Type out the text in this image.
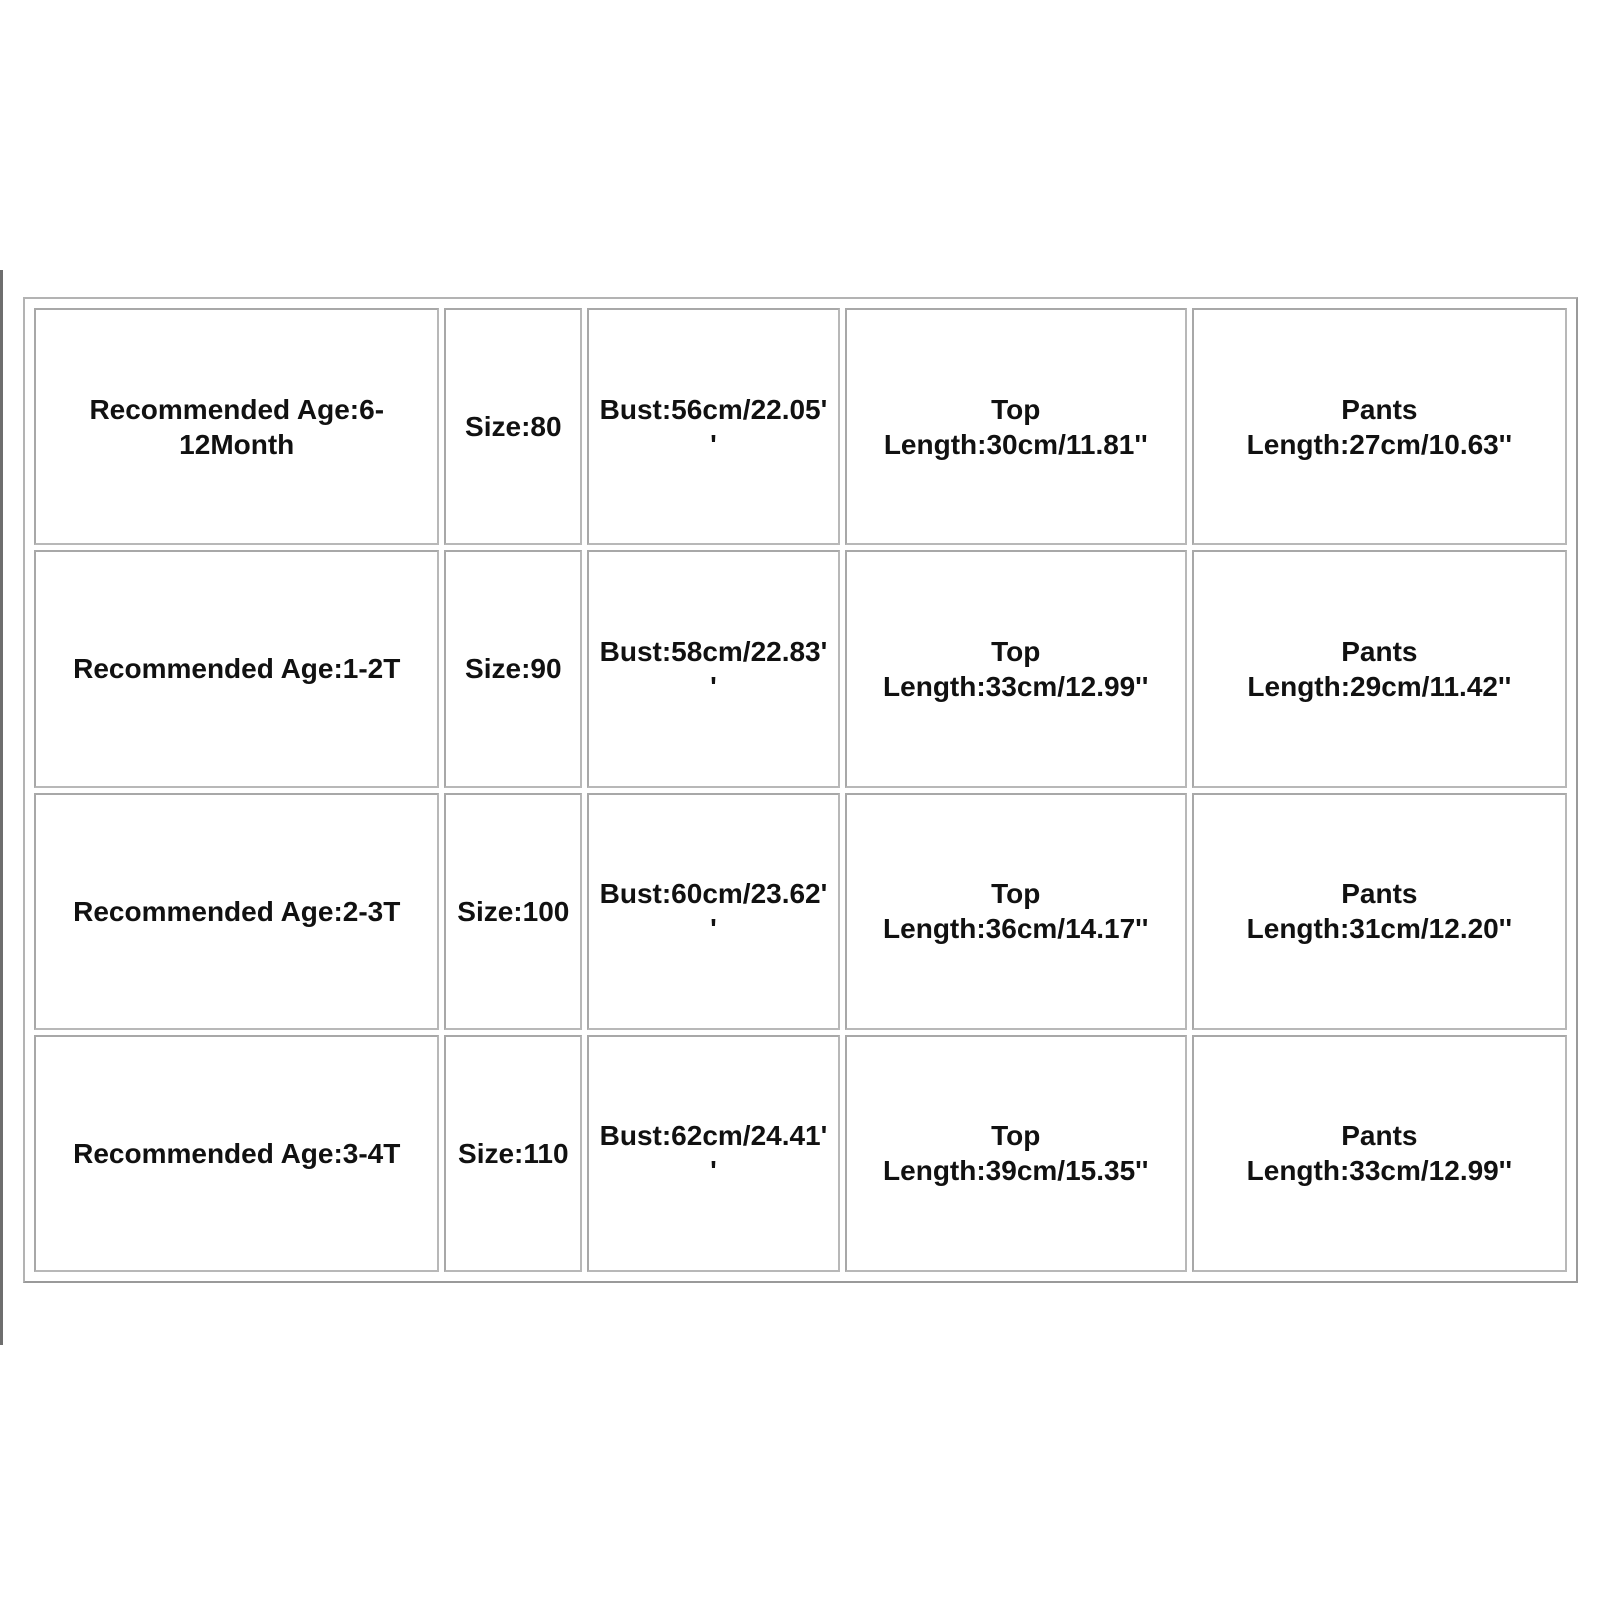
Recommended Age:6-
12Month	Size:80	Bust:56cm/22.05''	Top
Length:30cm/11.81''	Pants
Length:27cm/10.63''
Recommended Age:1-2T	Size:90	Bust:58cm/22.83''	Top
Length:33cm/12.99''	Pants
Length:29cm/11.42''
Recommended Age:2-3T	Size:100	Bust:60cm/23.62''	Top
Length:36cm/14.17''	Pants
Length:31cm/12.20''
Recommended Age:3-4T	Size:110	Bust:62cm/24.41''	Top
Length:39cm/15.35''	Pants
Length:33cm/12.99''
